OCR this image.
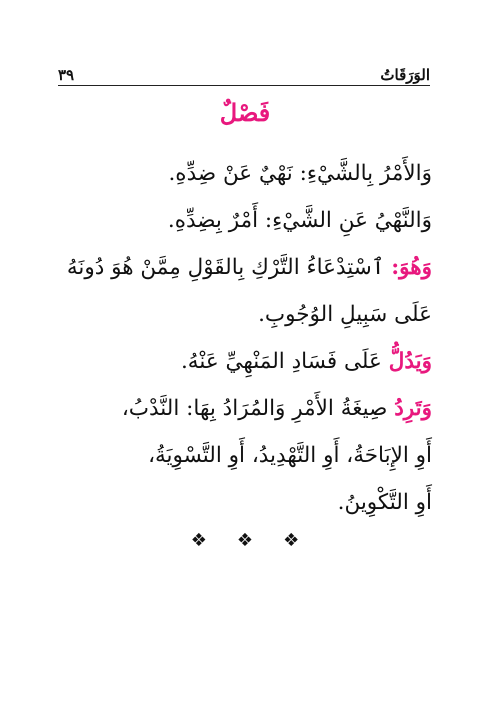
الوَرَقَاتُ
٣٩
فَصْلٌ
وَالأَمْرُ بِالشَّيْءِ: نَهْيٌ عَنْ ضِدِّهِ.
وَالنَّهْيُ عَنِ الشَّيْءِ: أَمْرٌ بِضِدِّهِ.
وَهُوَ: ٱسْتِدْعَاءُ التَّرْكِ بِالقَوْلِ مِمَّنْ هُوَ دُونَهُ
عَلَى سَبِيلِ الوُجُوبِ.
وَيَدُلُّ عَلَى فَسَادِ المَنْهِيِّ عَنْهُ.
وَتَرِدُ صِيغَةُ الأَمْرِ وَالمُرَادُ بِهَا: النَّدْبُ،
أَوِ الإِبَاحَةُ، أَوِ التَّهْدِيدُ، أَوِ التَّسْوِيَةُ،
أَوِ التَّكْوِينُ.
❖ ❖ ❖
